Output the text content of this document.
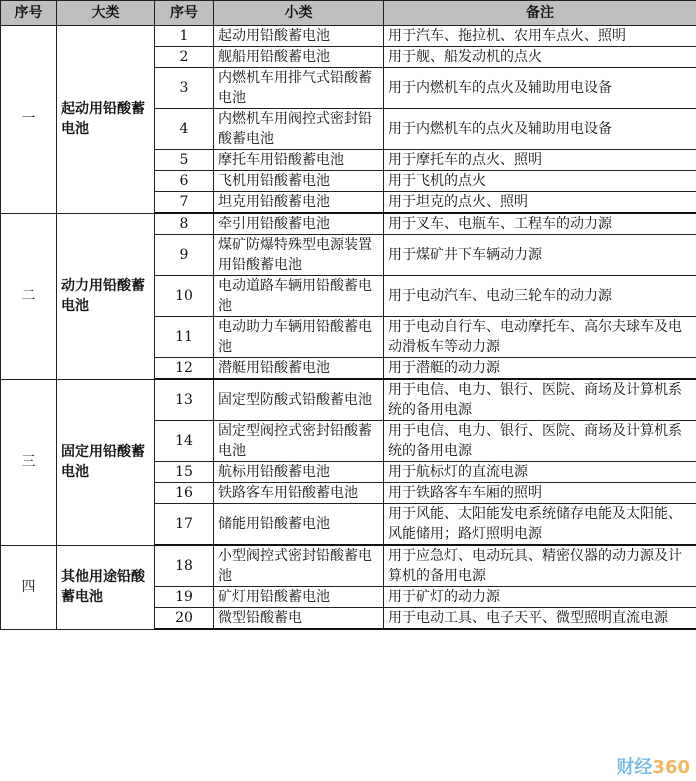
序号	大类	序号	小类	备注
一	起动用铅酸蓄电池	1	起动用铅酸蓄电池	用于汽车、拖拉机、农用车点火、照明
		2	舰船用铅酸蓄电池	用于舰、船发动机的点火
		3	内燃机车用排气式铅酸蓄电池	用于内燃机车的点火及辅助用电设备
		4	内燃机车用阀控式密封铅酸蓄电池	用于内燃机车的点火及辅助用电设备
		5	摩托车用铅酸蓄电池	用于摩托车的点火、照明
		6	飞机用铅酸蓄电池	用于飞机的点火
		7	坦克用铅酸蓄电池	用于坦克的点火、照明
二	动力用铅酸蓄电池	8	牵引用铅酸蓄电池	用于叉车、电瓶车、工程车的动力源
		9	煤矿防爆特殊型电源装置用铅酸蓄电池	用于煤矿井下车辆动力源
		10	电动道路车辆用铅酸蓄电池	用于电动汽车、电动三轮车的动力源
		11	电动助力车辆用铅酸蓄电池	用于电动自行车、电动摩托车、高尔夫球车及电动滑板车等动力源
		12	潜艇用铅酸蓄电池	用于潜艇的动力源
三	固定用铅酸蓄电池	13	固定型防酸式铅酸蓄电池	用于电信、电力、银行、医院、商场及计算机系统的备用电源
		14	固定型阀控式密封铅酸蓄电池	用于电信、电力、银行、医院、商场及计算机系统的备用电源
		15	航标用铅酸蓄电池	用于航标灯的直流电源
		16	铁路客车用铅酸蓄电池	用于铁路客车车厢的照明
		17	储能用铅酸蓄电池	用于风能、太阳能发电系统储存电能及太阳能、风能储用；路灯照明电源
四	其他用途铅酸蓄电池	18	小型阀控式密封铅酸蓄电池	用于应急灯、电动玩具、精密仪器的动力源及计算机的备用电源
		19	矿灯用铅酸蓄电池	用于矿灯的动力源
		20	微型铅酸蓄电	用于电动工具、电子天平、微型照明直流电源
财经360
